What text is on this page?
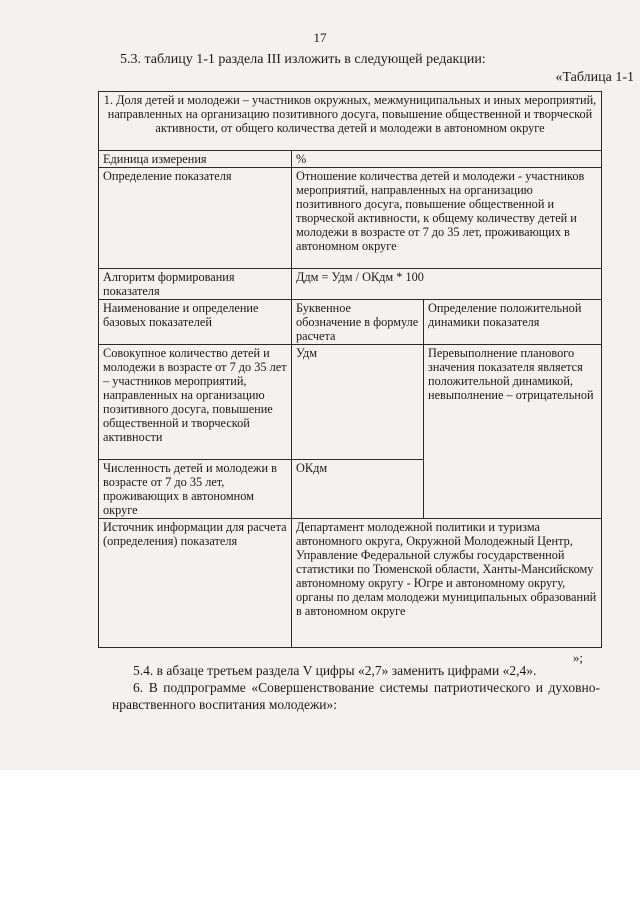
17
5.3. таблицу 1-1 раздела III изложить в следующей редакции:
«Таблица 1-1
1. Доля детей и молодежи – участников окружных, межмуниципальных и иных мероприятий, направленных на организацию позитивного досуга, повышение общественной и творческой активности, от общего количества детей и молодежи в автономном округе		
Единица измерения	%	
Определение показателя	Отношение количества детей и молодежи - участников мероприятий, направленных на организацию позитивного досуга, повышение общественной и творческой активности, к общему количеству детей и молодежи в возрасте от 7 до 35 лет, проживающих в автономном округе	
Алгоритм формирования показателя	Ддм = Удм / ОКдм * 100	
Наименование и определение базовых показателей	Буквенное обозначение в формуле расчета	Определение положительной динамики показателя
Совокупное количество детей и молодежи в возрасте от 7 до 35 лет – участников мероприятий, направленных на организацию позитивного досуга, повышение общественной и творческой активности	Удм	Перевыполнение планового значения показателя является положительной динамикой, невыполнение – отрицательной
Численность детей и молодежи в возрасте от 7 до 35 лет, проживающих в автономном округе	ОКдм	
Источник информации для расчета (определения) показателя	Департамент молодежной политики и туризма автономного округа, Окружной Молодежный Центр, Управление Федеральной службы государственной статистики по Тюменской области, Ханты-Мансийскому автономному округу - Югре и автономному округу, органы по делам молодежи муниципальных образований в автономном округе	
»;
5.4. в абзаце третьем раздела V цифры «2,7» заменить цифрами «2,4».
6. В подпрограмме «Совершенствование системы патриотического и духовно-нравственного воспитания молодежи»:
